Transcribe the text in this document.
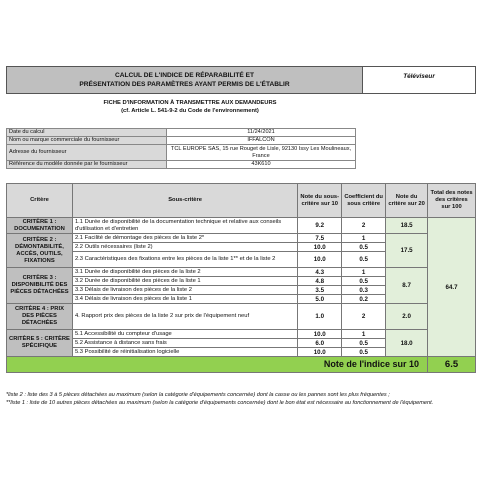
CALCUL DE L'INDICE DE RÉPARABILITÉ ET
PRÉSENTATION DES PARAMÈTRES AYANT PERMIS DE L'ÉTABLIR
Téléviseur
FICHE D'INFORMATION À TRANSMETTRE AUX DEMANDEURS
(cf. Article L. 541-9-2 du Code de l'environnement)
Date du calcul	11/24/2021
Nom ou marque commerciale du fournisseur	IFFALCON
Adresse du fournisseur	TCL EUROPE SAS, 15 rue Rouget de Lisle, 92130 Issy Les Moulineaux, France
Référence du modèle donnée par le fournisseur	43K610
Critère	Sous-critère	Note du sous-critère sur 10	Coefficient du sous critère	Note du critère sur 20	Total des notes des critères sur 100
CRITÈRE 1 : DOCUMENTATION	1.1 Durée de disponibilité de la documentation technique et relative aux conseils d'utilisation et d'entretien	9.2	2	18.5	64.7
CRITÈRE 2 : DÉMONTABILITÉ, ACCÈS, OUTILS, FIXATIONS	2.1 Facilité de démontage des pièces de la liste 2*	7.5	1	17.5	
	2.2 Outils nécessaires (liste 2)	10.0	0.5		
	2.3 Caractéristiques des fixations entre les pièces de la liste 1** et de la liste 2	10.0	0.5		
CRITÈRE 3 : DISPONIBILITÉ DES PIÈCES DÉTACHÉES	3.1 Durée de disponibilité des pièces de la liste 2	4.3	1	8.7	
	3.2 Durée de disponibilité des pièces de la liste 1	4.8	0.5		
	3.3 Délais de livraison des pièces de la liste 2	3.5	0.3		
	3.4 Délais de livraison des pièces de la liste 1	5.0	0.2		
CRITÈRE 4 : PRIX DES PIÈCES DÉTACHÉES	4. Rapport prix des pièces de la liste 2 sur prix de l'équipement neuf	1.0	2	2.0	
CRITÈRE 5 : CRITÈRE SPÉCIFIQUE	5.1 Accessibilité du compteur d'usage	10.0	1	18.0	
	5.2 Assistance à distance sans frais	6.0	0.5		
	5.3 Possibilité de réinitialisation logicielle	10.0	0.5		
Note de l'indice sur 10					6.5
*liste 2 : liste des 3 à 5 pièces détachées au maximum (selon la catégorie d'équipements concernée) dont la casse ou les pannes sont les plus fréquentes ;
**liste 1 : liste de 10 autres pièces détachées au maximum (selon la catégorie d'équipements concernée) dont le bon état est nécessaire au fonctionnement de l'équipement.
